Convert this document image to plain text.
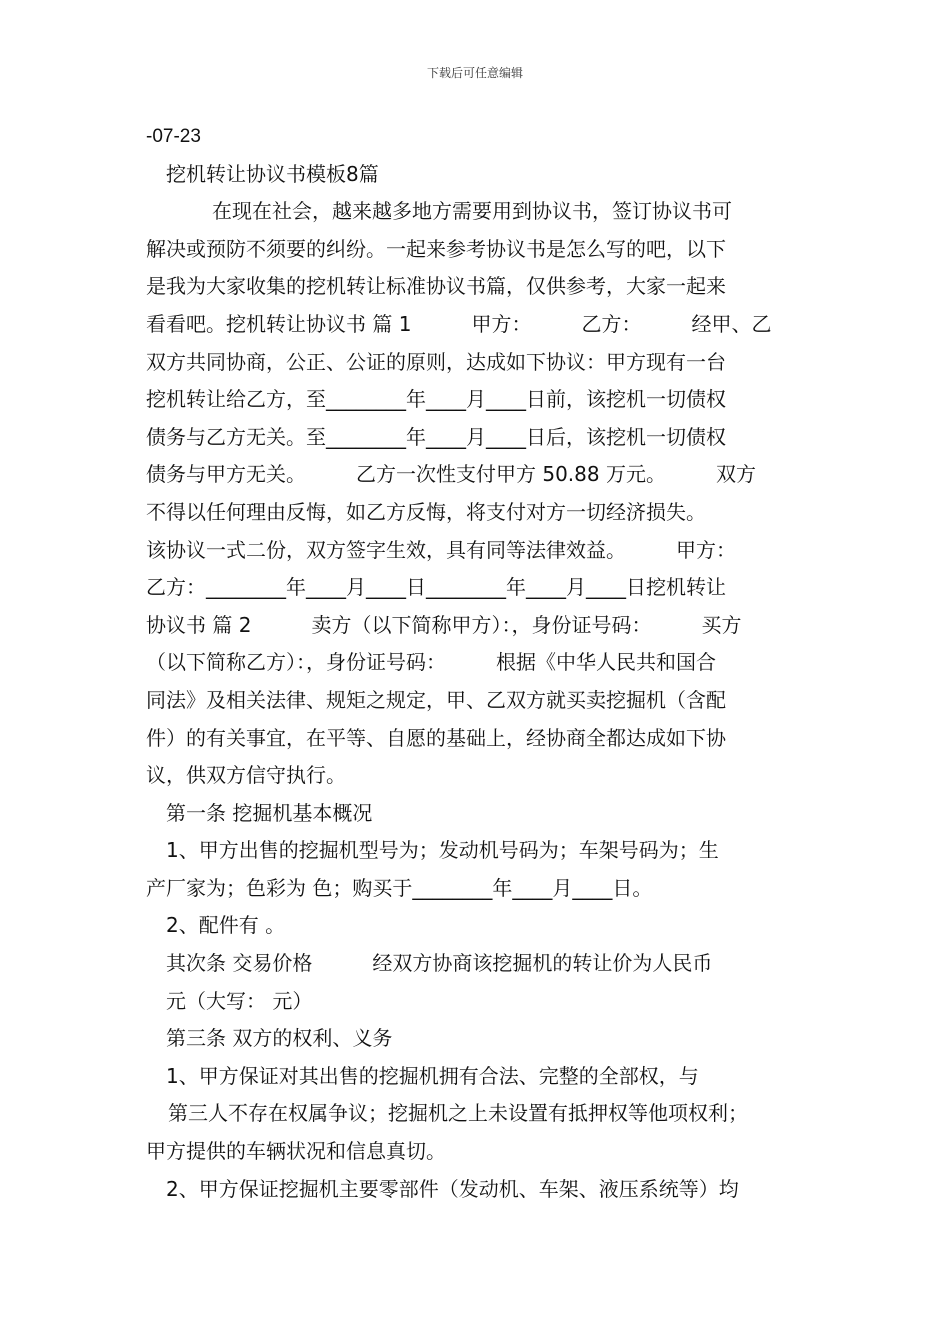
下载后可任意编辑
-07-23
挖机转让协议书模板8篇
在现在社会，越来越多地方需要用到协议书，签订协议书可
解决或预防不须要的纠纷。一起来参考协议书是怎么写的吧，以下
是我为大家收集的挖机转让标准协议书篇，仅供参考，大家一起来
看看吧。挖机转让协议书 篇 1　　　甲方：　　　乙方：　　　经甲、乙
双方共同协商，公正、公证的原则，达成如下协议：甲方现有一台
挖机转让给乙方，至________年____月____日前，该挖机一切债权
债务与乙方无关。至________年____月____日后，该挖机一切债权
债务与甲方无关。　　　乙方一次性支付甲方 50.88 万元。　　　双方
不得以任何理由反悔，如乙方反悔，将支付对方一切经济损失。
该协议一式二份，双方签字生效，具有同等法律效益。　　　甲方：
乙方：________年____月____日________年____月____日挖机转让
协议书 篇 2　　　卖方（以下简称甲方）：，身份证号码：　　　买方
（以下简称乙方）：，身份证号码：　　　根据《中华人民共和国合
同法》及相关法律、规矩之规定，甲、乙双方就买卖挖掘机（含配
件）的有关事宜，在平等、自愿的基础上，经协商全都达成如下协
议，供双方信守执行。
第一条 挖掘机基本概况
1、甲方出售的挖掘机型号为；发动机号码为；车架号码为；生
产厂家为；色彩为 色；购买于________年____月____日。
2、配件有 。
其次条 交易价格　　　经双方协商该挖掘机的转让价为人民币
元（大写： 元）
第三条 双方的权利、义务
1、甲方保证对其出售的挖掘机拥有合法、完整的全部权，与
第三人不存在权属争议；挖掘机之上未设置有抵押权等他项权利；
甲方提供的车辆状况和信息真切。
2、甲方保证挖掘机主要零部件（发动机、车架、液压系统等）均
